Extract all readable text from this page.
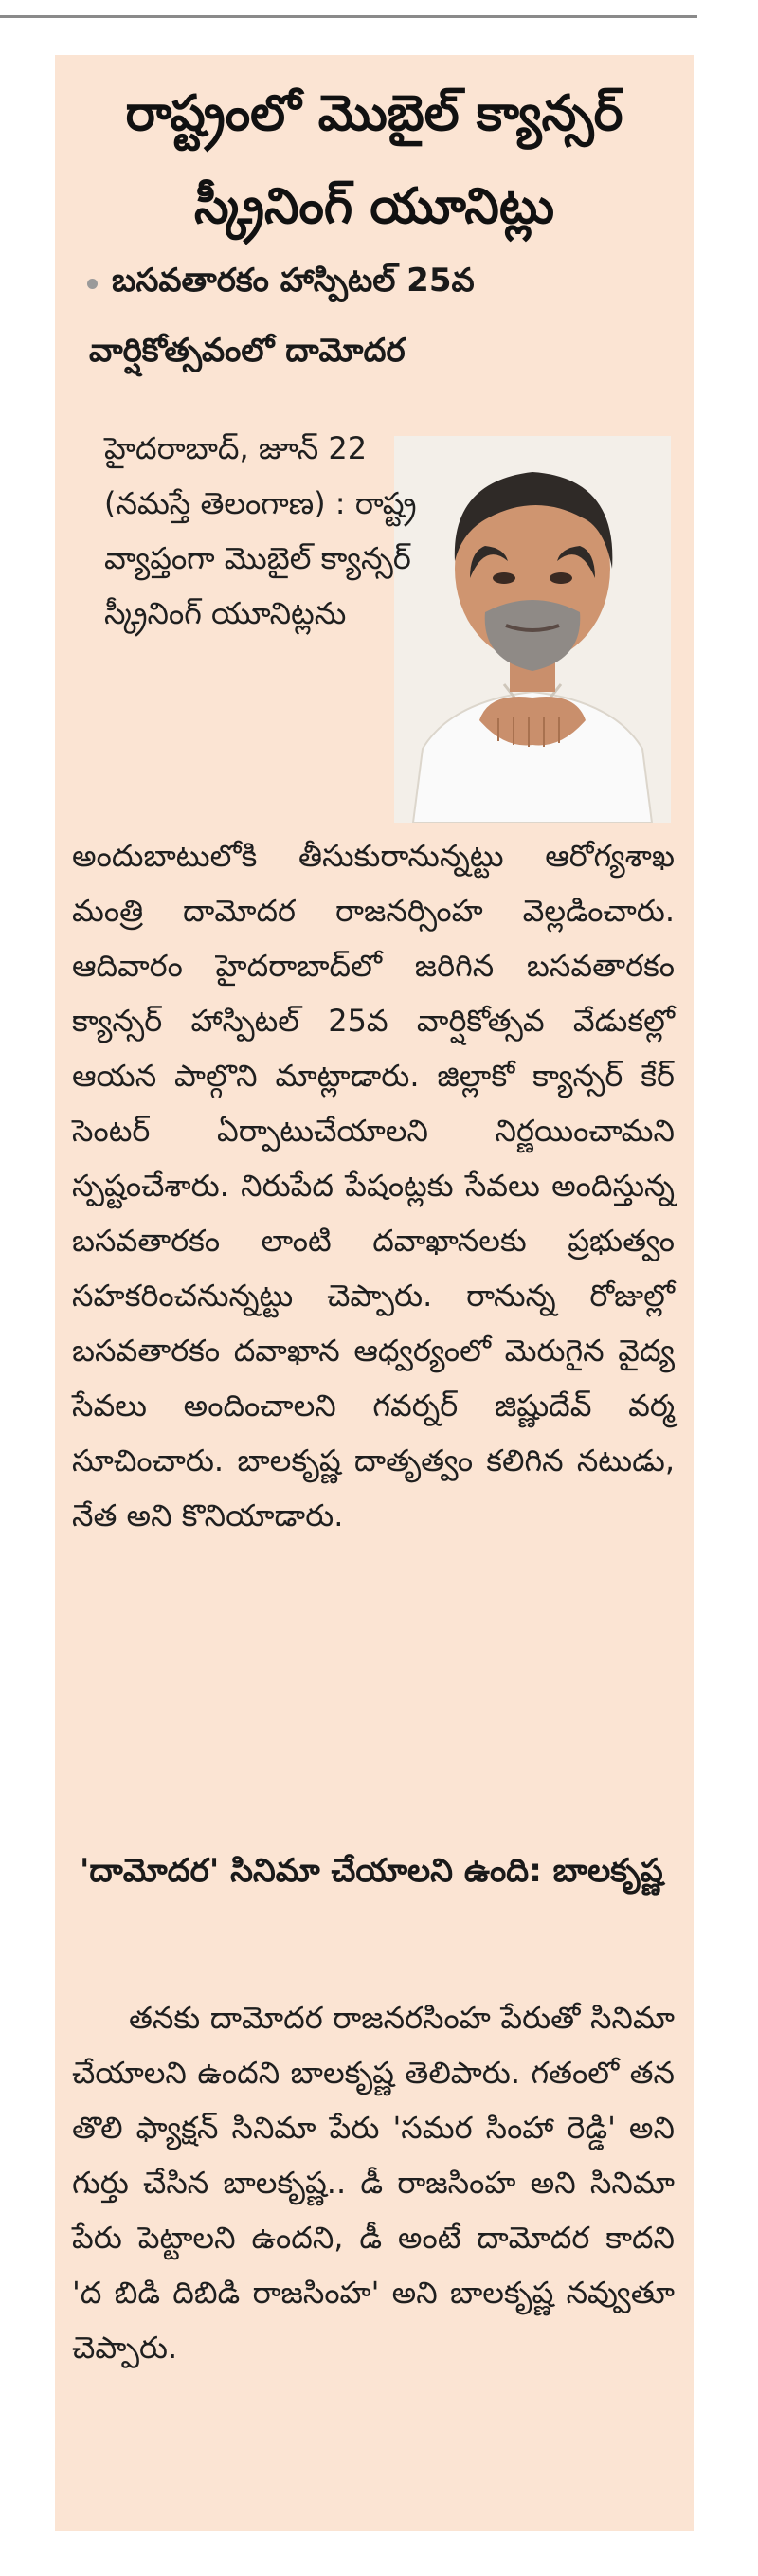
రాష్ట్రంలో మొబైల్ క్యాన్సర్
స్క్రీనింగ్ యూనిట్లు
బసవతారకం హాస్పిటల్ 25వ
వార్షికోత్సవంలో దామోదర
హైదరాబాద్, జూన్ 22 (నమస్తే తెలంగాణ) : రాష్ట్ర వ్యాప్తంగా మొబైల్ క్యాన్సర్ స్క్రీనింగ్ యూనిట్లను
అందుబాటులోకి తీసుకురానున్నట్టు ఆరోగ్యశాఖ మంత్రి దామోదర రాజనర్సింహ వెల్లడించారు. ఆదివారం హైదరాబాద్‌లో జరిగిన బసవతారకం క్యాన్సర్ హాస్పిటల్ 25వ వార్షికోత్సవ వేడుకల్లో ఆయన పాల్గొని మాట్లాడారు. జిల్లాకో క్యాన్సర్ కేర్ సెంటర్ ఏర్పాటుచేయాలని నిర్ణయించామని స్పష్టంచేశారు. నిరుపేద పేషంట్లకు సేవలు అందిస్తున్న బసవతారకం లాంటి దవాఖానలకు ప్రభుత్వం సహకరించనున్నట్టు చెప్పారు. రానున్న రోజుల్లో బసవతారకం దవాఖాన ఆధ్వర్యంలో మెరుగైన వైద్య సేవలు అందించాలని గవర్నర్ జిష్ణుదేవ్ వర్మ సూచించారు. బాలకృష్ణ దాతృత్వం కలిగిన నటుడు, నేత అని కొనియాడారు.
'దామోదర' సినిమా చేయాలని ఉంది: బాలకృష్ణ
తనకు దామోదర రాజనరసింహ పేరుతో సినిమా చేయాలని ఉందని బాలకృష్ణ తెలిపారు. గతంలో తన తొలి ఫ్యాక్షన్ సినిమా పేరు 'సమర సింహా రెడ్డి' అని గుర్తు చేసిన బాలకృష్ణ.. డీ రాజసింహ అని సినిమా పేరు పెట్టాలని ఉందని, డీ అంటే దామోదర కాదని 'ద బిడి దిబిడి రాజసింహ' అని బాలకృష్ణ నవ్వుతూ చెప్పారు.
